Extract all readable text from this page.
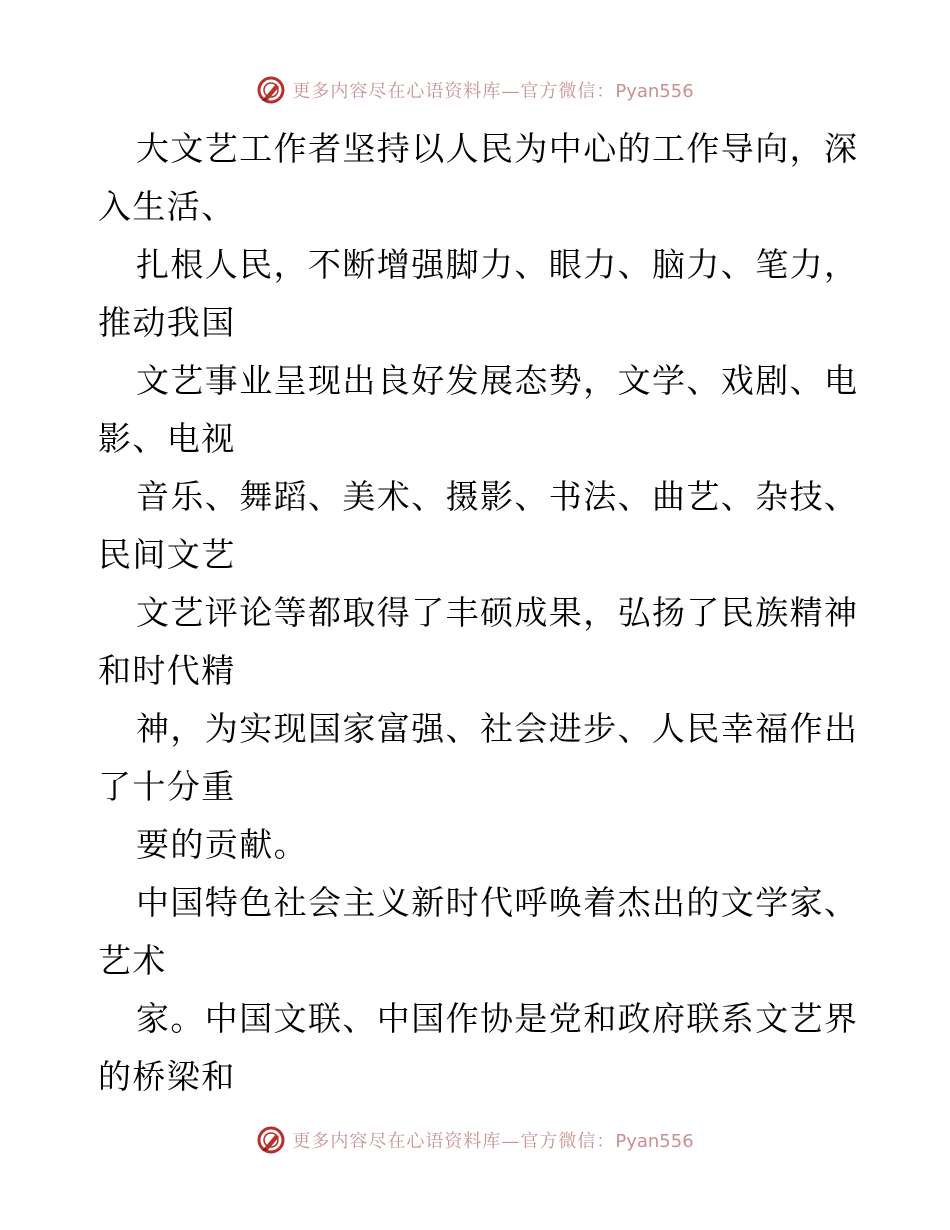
更多内容尽在心语资料库—官方微信：Pyan556
大文艺工作者坚持以人民为中心的工作导向，深
入生活、
扎根人民，不断增强脚力、眼力、脑力、笔力，
推动我国
文艺事业呈现出良好发展态势，文学、戏剧、电
影、电视
音乐、舞蹈、美术、摄影、书法、曲艺、杂技、
民间文艺
文艺评论等都取得了丰硕成果，弘扬了民族精神
和时代精
神，为实现国家富强、社会进步、人民幸福作出
了十分重
要的贡献。
中国特色社会主义新时代呼唤着杰出的文学家、
艺术
家。中国文联、中国作协是党和政府联系文艺界
的桥梁和
更多内容尽在心语资料库—官方微信：Pyan556
